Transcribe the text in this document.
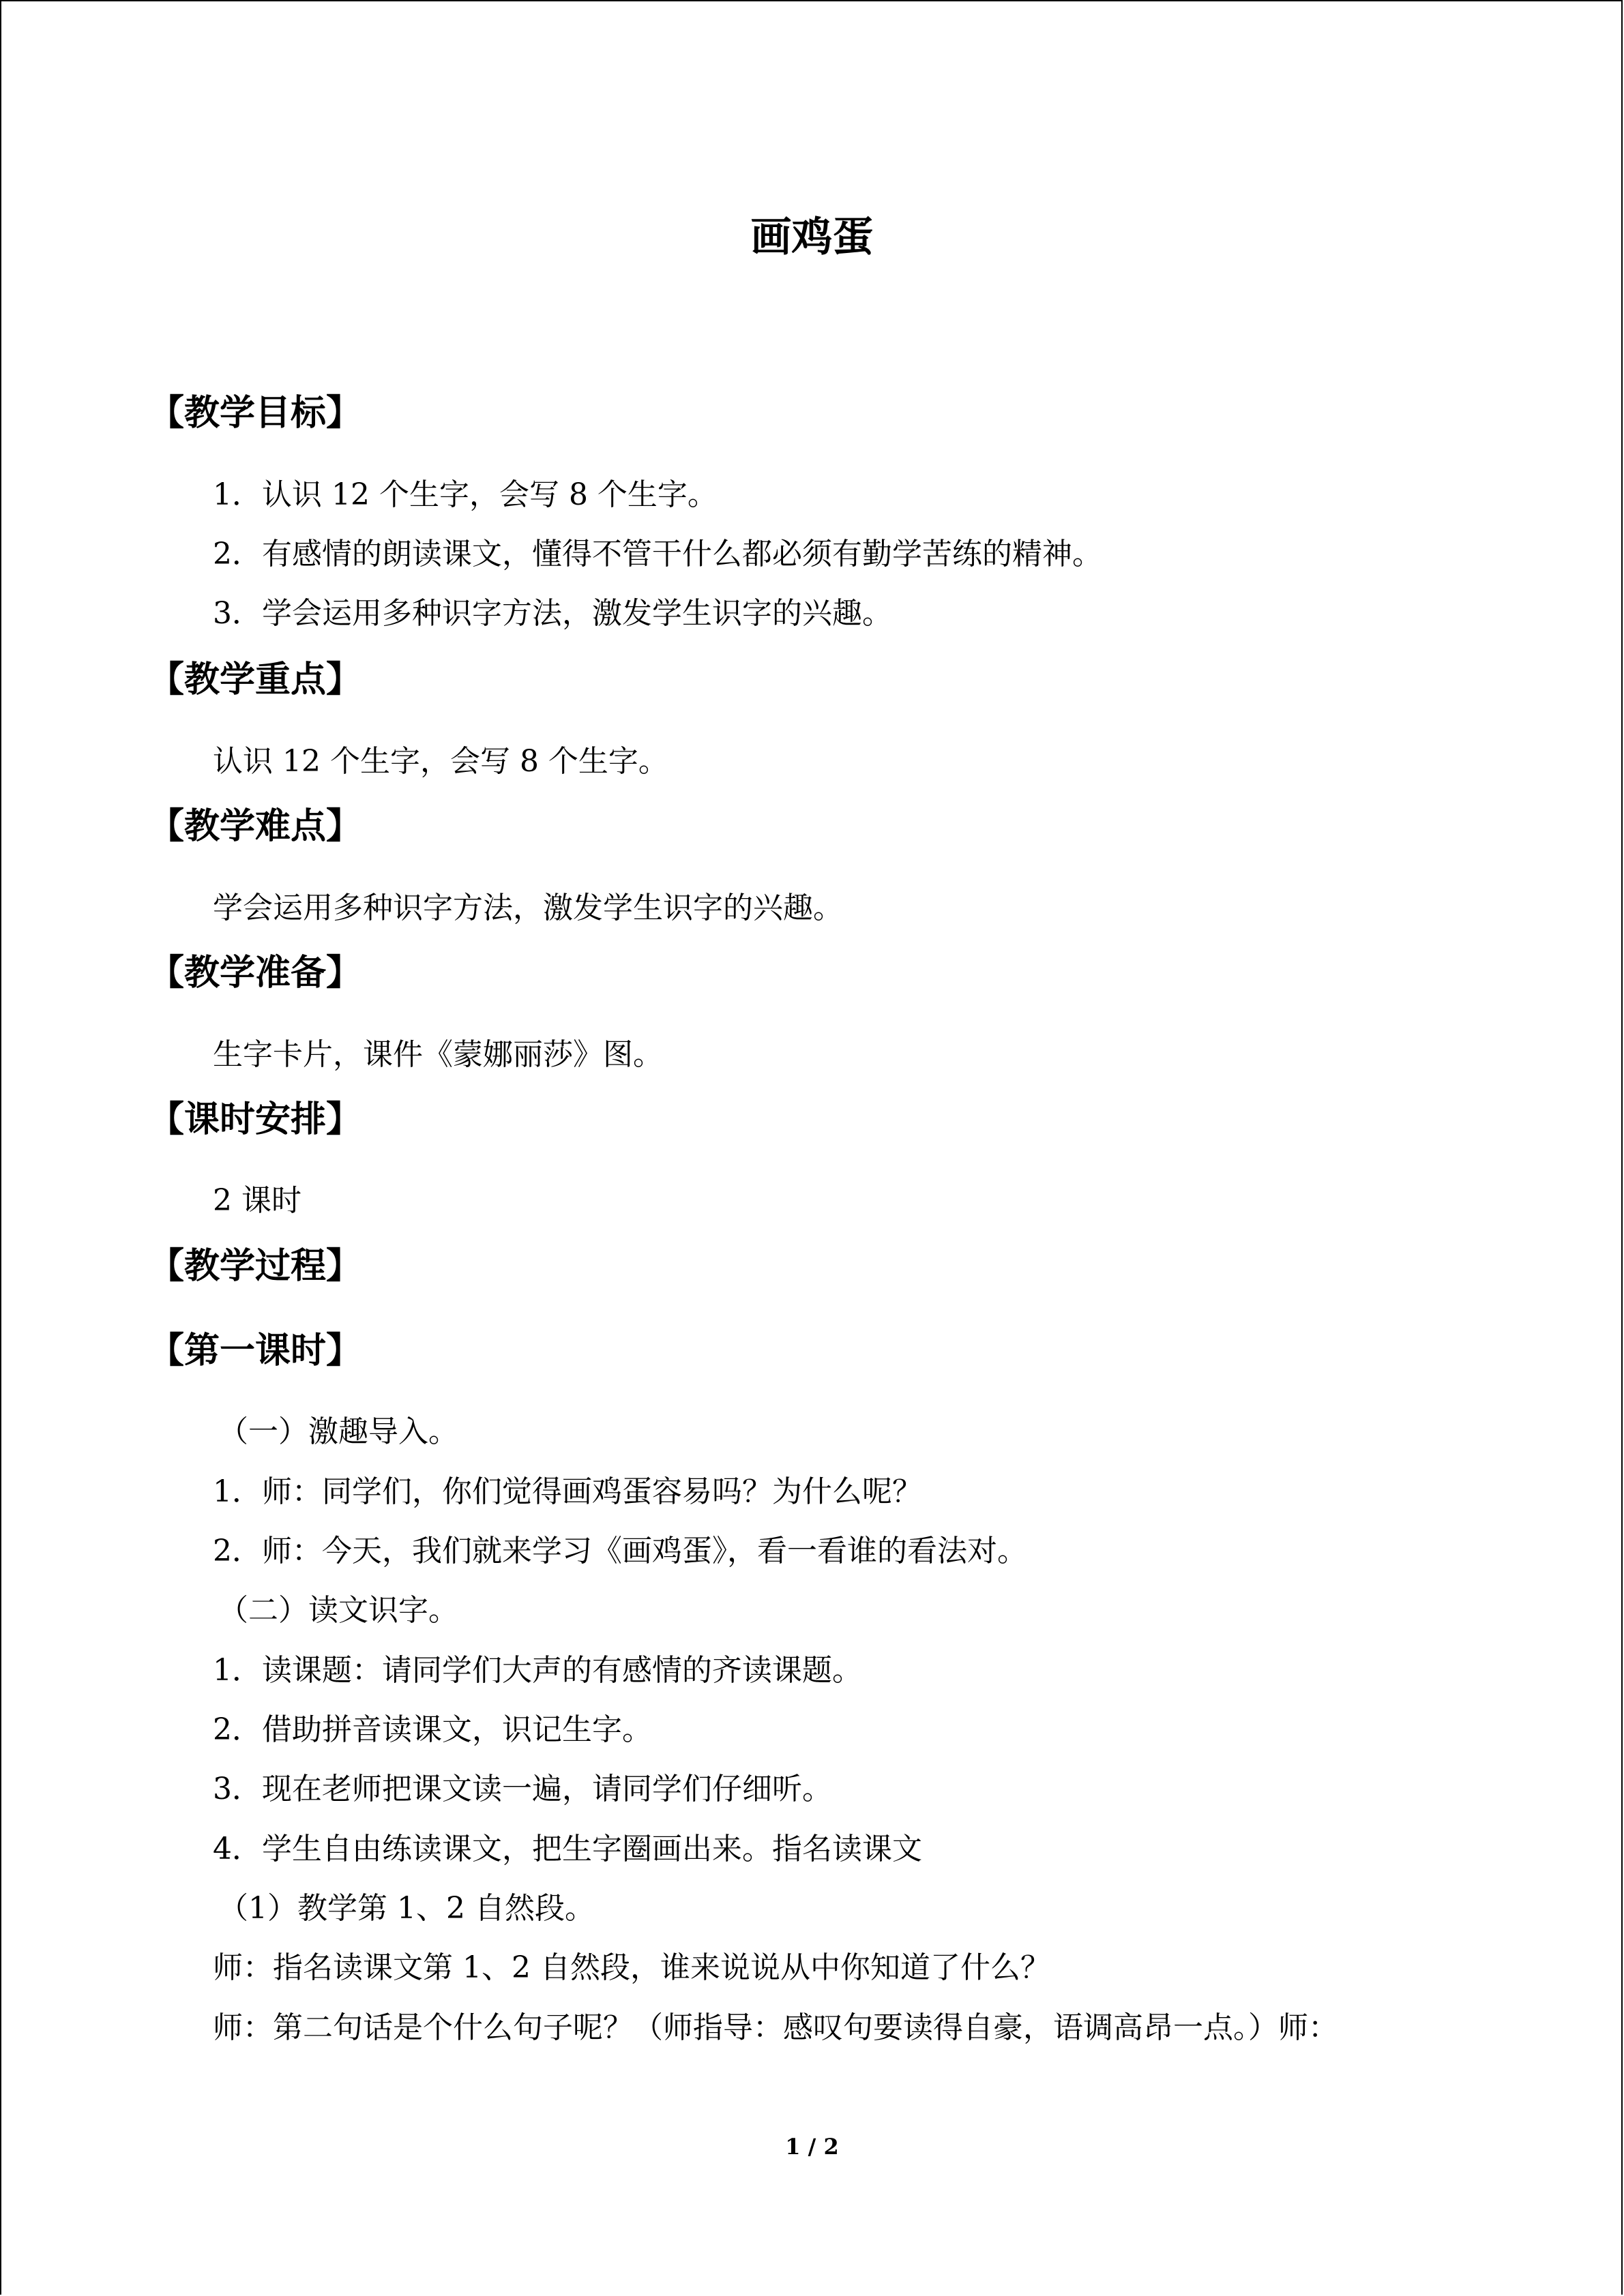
画鸡蛋
【教学目标】
1．认识 12 个生字，会写 8 个生字。
2．有感情的朗读课文，懂得不管干什么都必须有勤学苦练的精神。
3．学会运用多种识字方法，激发学生识字的兴趣。
【教学重点】
认识 12 个生字，会写 8 个生字。
【教学难点】
学会运用多种识字方法，激发学生识字的兴趣。
【教学准备】
生字卡片，课件《蒙娜丽莎》图。
【课时安排】
2 课时
【教学过程】
【第一课时】
（一）激趣导入。
1．师：同学们，你们觉得画鸡蛋容易吗？为什么呢？
2．师：今天，我们就来学习《画鸡蛋》，看一看谁的看法对。
（二）读文识字。
1．读课题：请同学们大声的有感情的齐读课题。
2．借助拼音读课文，识记生字。
3．现在老师把课文读一遍，请同学们仔细听。
4．学生自由练读课文，把生字圈画出来。指名读课文
（1）教学第 1、2 自然段。
师：指名读课文第 1、2 自然段，谁来说说从中你知道了什么？
师：第二句话是个什么句子呢？（师指导：感叹句要读得自豪，语调高昂一点。）师：
1 / 2
